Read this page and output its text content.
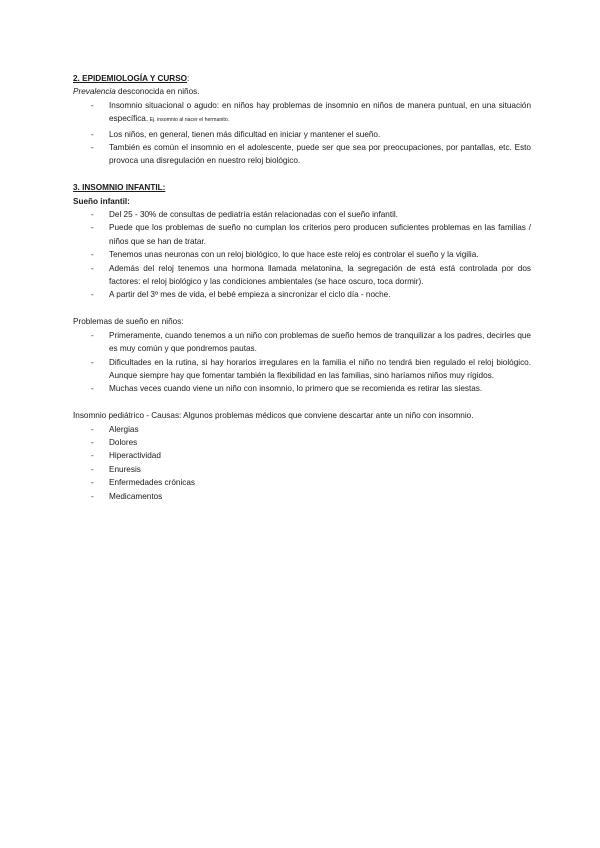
2. EPIDEMIOLOGÍA Y CURSO:

Prevalencia desconocida en niños.

- Insomnio situacional o agudo: en niños hay problemas de insomnio en niños de manera puntual, en una situación específica. Ej. insomnio al nacer el hermanito.
- Los niños, en general, tienen más dificultad en iniciar y mantener el sueño.
- También es común el insomnio en el adolescente, puede ser que sea por preocupaciones, por pantallas, etc. Esto provoca una disregulación en nuestro reloj biológico.

3. INSOMNIO INFANTIL:

Sueño infantil:

- Del 25 - 30% de consultas de pediatría están relacionadas con el sueño infantil.
- Puede que los problemas de sueño no cumplan los criterios pero producen suficientes problemas en las familias / niños que se han de tratar.
- Tenemos unas neuronas con un reloj biológico, lo que hace este reloj es controlar el sueño y la vigilia.
- Además del reloj tenemos una hormona llamada melatonina, la segregación de está está controlada por dos factores: el reloj biológico y las condiciones ambientales (se hace oscuro, toca dormir).
- A partir del 3º mes de vida, el bebé empieza a sincronizar el ciclo día - noche.

Problemas de sueño en niños:

- Primeramente, cuando tenemos a un niño con problemas de sueño hemos de tranquilizar a los padres, decirles que es muy común y que pondremos pautas.
- Dificultades en la rutina, si hay horarios irregulares en la familia el niño no tendrá bien regulado el reloj biológico. Aunque siempre hay que fomentar también la flexibilidad en las familias, sino haríamos niños muy rígidos.
- Muchas veces cuando viene un niño con insomnio, lo primero que se recomienda es retirar las siestas.

Insomnio pediátrico - Causas: Algunos problemas médicos que conviene descartar ante un niño con insomnio.

- Alergias
- Dolores
- Hiperactividad
- Enuresis
- Enfermedades crónicas
- Medicamentos
